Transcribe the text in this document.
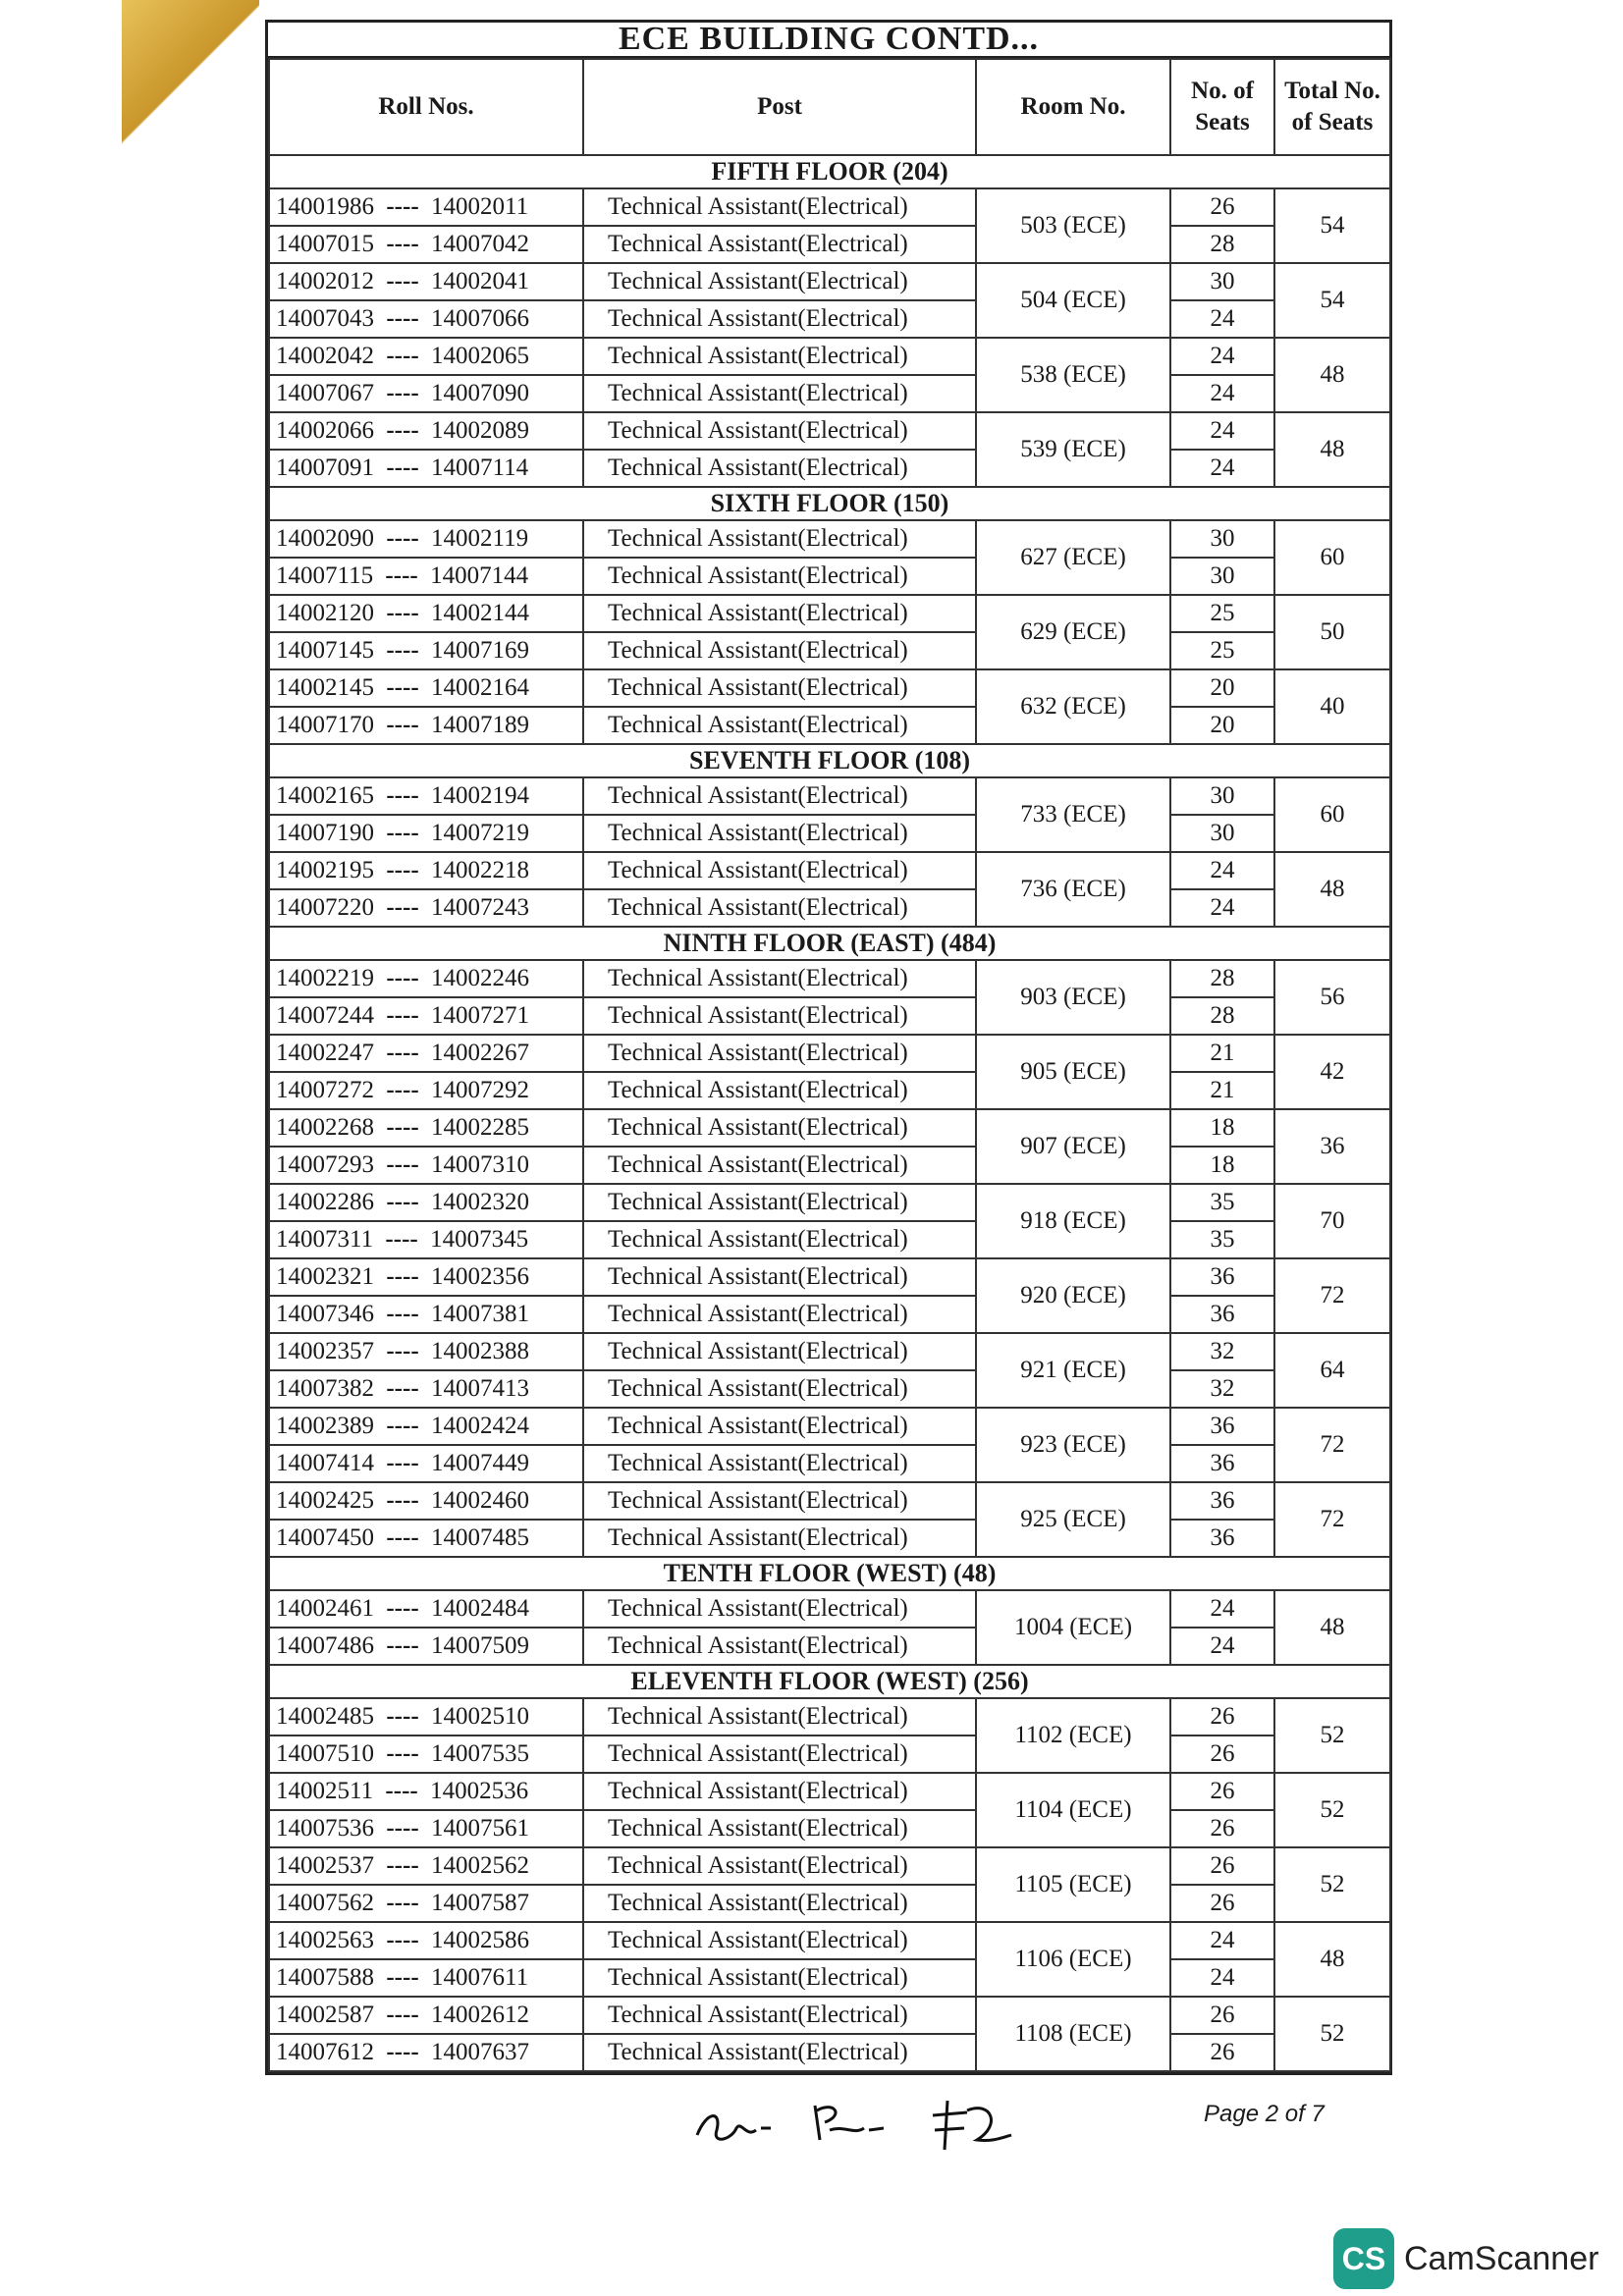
ECE BUILDING CONTD...
Roll Nos.	Post	Room No.	No. of Seats	Total No. of Seats
FIFTH FLOOR (204)				
14001986 ---- 14002011	Technical Assistant(Electrical)	503 (ECE)	26	54
14007015 ---- 14007042	Technical Assistant(Electrical)		28	
14002012 ---- 14002041	Technical Assistant(Electrical)	504 (ECE)	30	54
14007043 ---- 14007066	Technical Assistant(Electrical)		24	
14002042 ---- 14002065	Technical Assistant(Electrical)	538 (ECE)	24	48
14007067 ---- 14007090	Technical Assistant(Electrical)		24	
14002066 ---- 14002089	Technical Assistant(Electrical)	539 (ECE)	24	48
14007091 ---- 14007114	Technical Assistant(Electrical)		24	
SIXTH FLOOR (150)				
14002090 ---- 14002119	Technical Assistant(Electrical)	627 (ECE)	30	60
14007115 ---- 14007144	Technical Assistant(Electrical)		30	
14002120 ---- 14002144	Technical Assistant(Electrical)	629 (ECE)	25	50
14007145 ---- 14007169	Technical Assistant(Electrical)		25	
14002145 ---- 14002164	Technical Assistant(Electrical)	632 (ECE)	20	40
14007170 ---- 14007189	Technical Assistant(Electrical)		20	
SEVENTH FLOOR (108)				
14002165 ---- 14002194	Technical Assistant(Electrical)	733 (ECE)	30	60
14007190 ---- 14007219	Technical Assistant(Electrical)		30	
14002195 ---- 14002218	Technical Assistant(Electrical)	736 (ECE)	24	48
14007220 ---- 14007243	Technical Assistant(Electrical)		24	
NINTH FLOOR (EAST) (484)				
14002219 ---- 14002246	Technical Assistant(Electrical)	903 (ECE)	28	56
14007244 ---- 14007271	Technical Assistant(Electrical)		28	
14002247 ---- 14002267	Technical Assistant(Electrical)	905 (ECE)	21	42
14007272 ---- 14007292	Technical Assistant(Electrical)		21	
14002268 ---- 14002285	Technical Assistant(Electrical)	907 (ECE)	18	36
14007293 ---- 14007310	Technical Assistant(Electrical)		18	
14002286 ---- 14002320	Technical Assistant(Electrical)	918 (ECE)	35	70
14007311 ---- 14007345	Technical Assistant(Electrical)		35	
14002321 ---- 14002356	Technical Assistant(Electrical)	920 (ECE)	36	72
14007346 ---- 14007381	Technical Assistant(Electrical)		36	
14002357 ---- 14002388	Technical Assistant(Electrical)	921 (ECE)	32	64
14007382 ---- 14007413	Technical Assistant(Electrical)		32	
14002389 ---- 14002424	Technical Assistant(Electrical)	923 (ECE)	36	72
14007414 ---- 14007449	Technical Assistant(Electrical)		36	
14002425 ---- 14002460	Technical Assistant(Electrical)	925 (ECE)	36	72
14007450 ---- 14007485	Technical Assistant(Electrical)		36	
TENTH FLOOR (WEST) (48)				
14002461 ---- 14002484	Technical Assistant(Electrical)	1004 (ECE)	24	48
14007486 ---- 14007509	Technical Assistant(Electrical)		24	
ELEVENTH FLOOR (WEST) (256)				
14002485 ---- 14002510	Technical Assistant(Electrical)	1102 (ECE)	26	52
14007510 ---- 14007535	Technical Assistant(Electrical)		26	
14002511 ---- 14002536	Technical Assistant(Electrical)	1104 (ECE)	26	52
14007536 ---- 14007561	Technical Assistant(Electrical)		26	
14002537 ---- 14002562	Technical Assistant(Electrical)	1105 (ECE)	26	52
14007562 ---- 14007587	Technical Assistant(Electrical)		26	
14002563 ---- 14002586	Technical Assistant(Electrical)	1106 (ECE)	24	48
14007588 ---- 14007611	Technical Assistant(Electrical)		24	
14002587 ---- 14002612	Technical Assistant(Electrical)	1108 (ECE)	26	52
14007612 ---- 14007637	Technical Assistant(Electrical)		26	
Page 2 of 7
CS CamScanner
